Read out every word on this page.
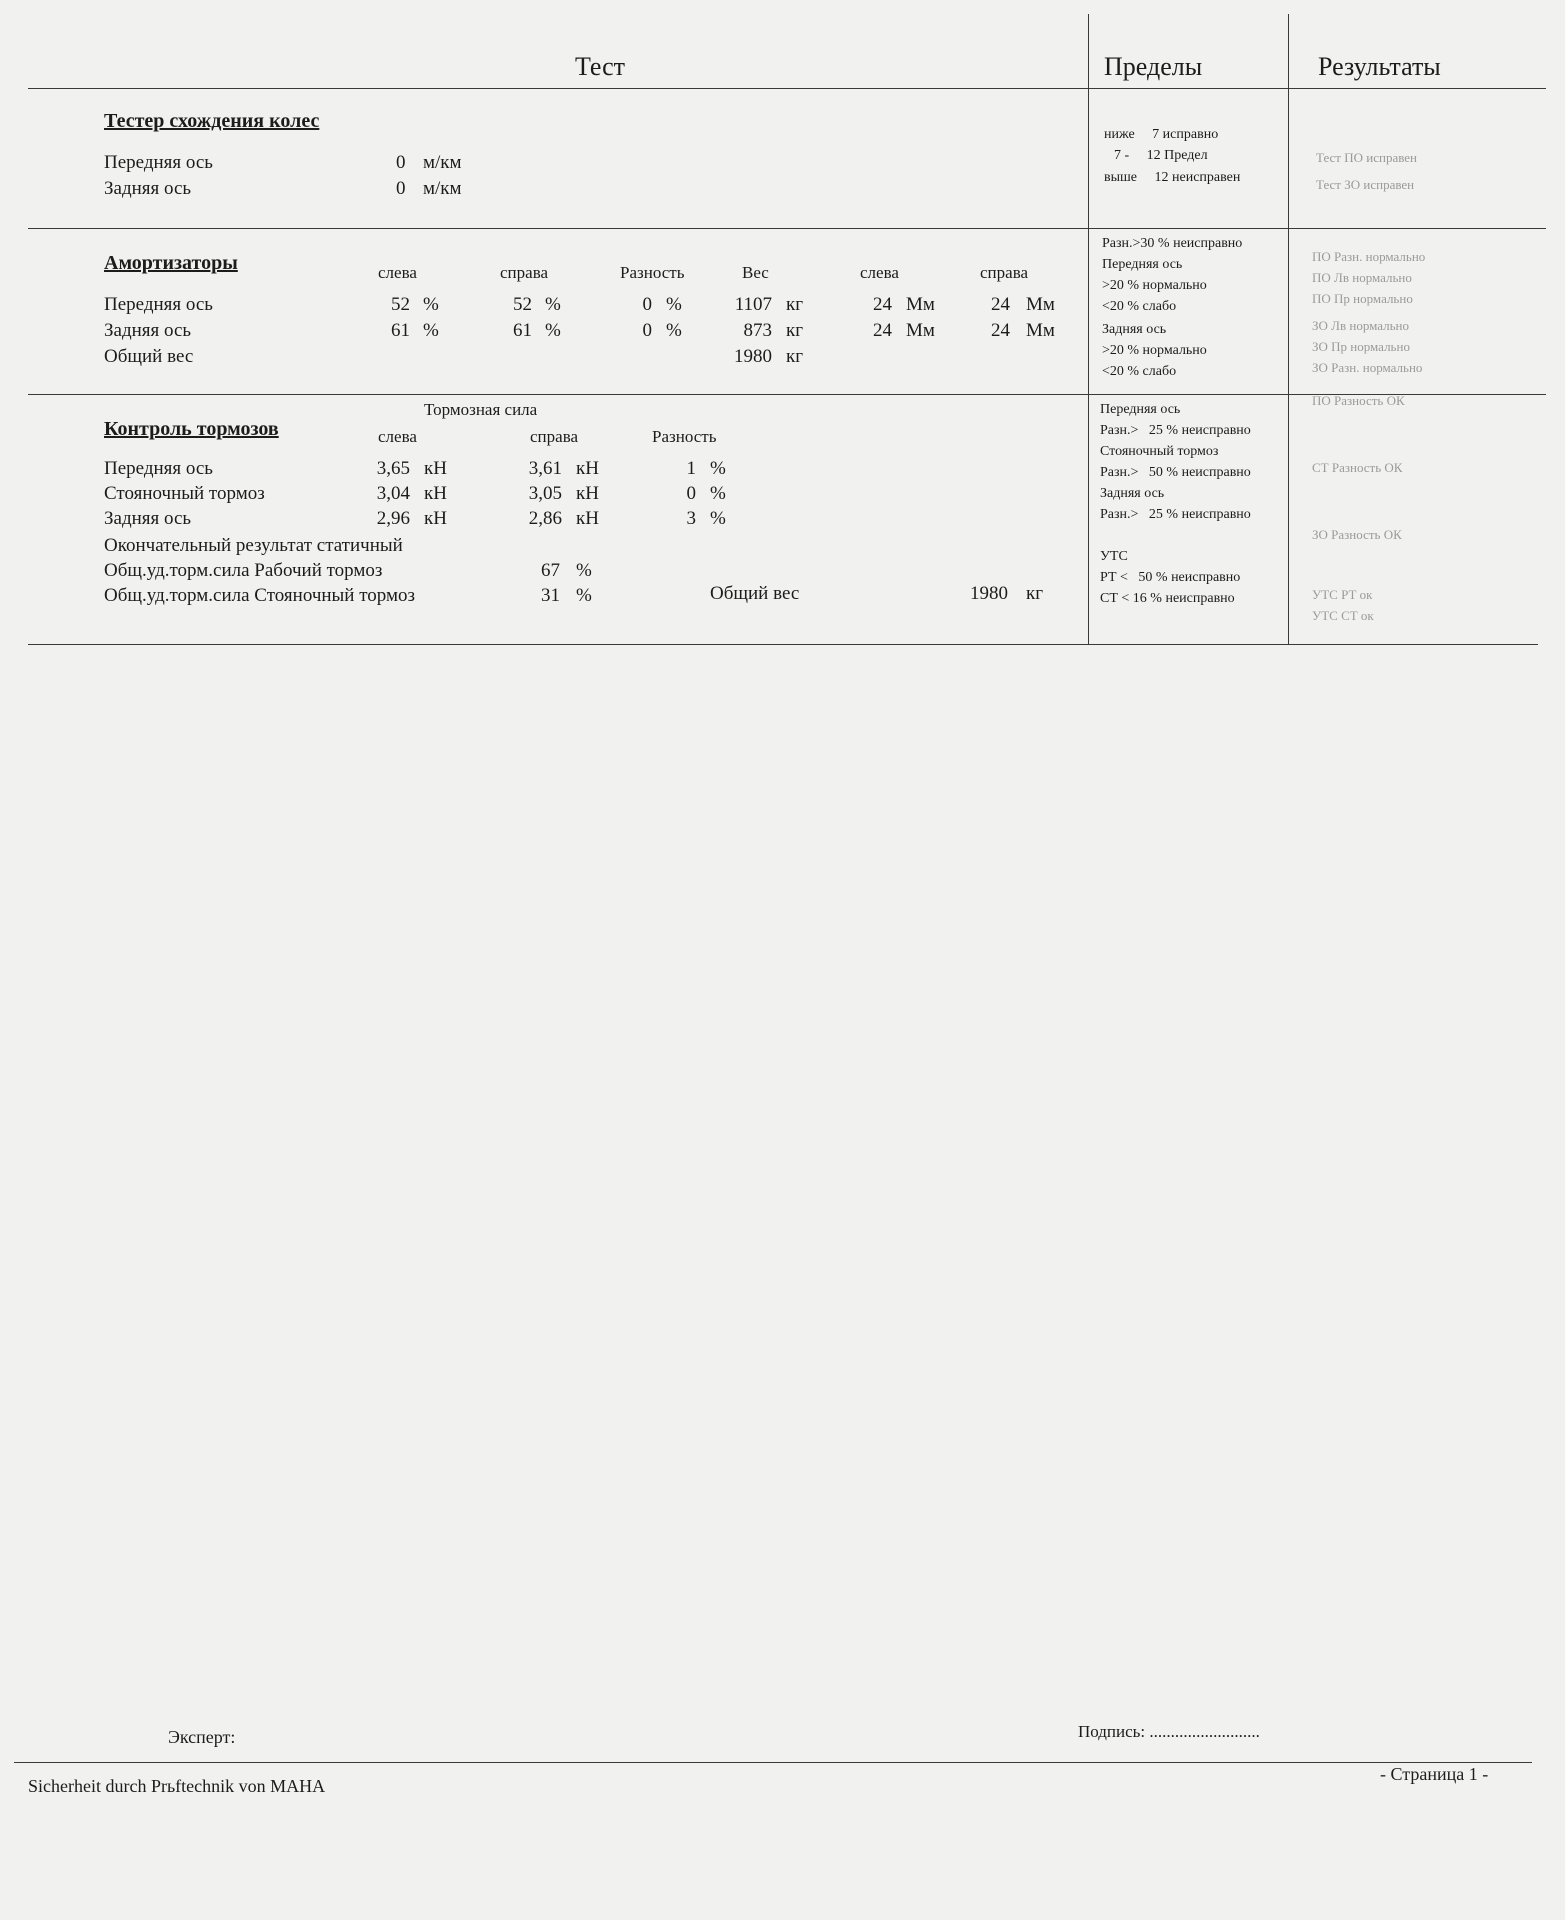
Тест	Пределы	Результаты
Тестер схождения колес
Передняя ось	0 м/км
Задняя ось	0 м/км
ниже     7 исправно
7 -     12 Предел
выше     12 неисправен
Тест ПО исправен
Тест ЗО исправен
Амортизаторы	слева	справа	Разность	Вес	слева	справа
Передняя ось	52 %	52 %	0 %	1107 кг	24 Мм	24 Мм
Задняя ось	61 %	61 %	0 %	873 кг	24 Мм	24 Мм
Общий вес	1980 кг
Разн.>30 % неисправно
Передняя ось
>20 % нормально
<20 % слабо
Задняя ось
>20 % нормально
<20 % слабо
ПО Разн. нормально
ПО Лв нормально
ПО Пр нормально
ЗО Лв нормально
ЗО Пр нормально
ЗО Разн. нормально
Тормозная сила
Контроль тормозов	слева	справа	Разность
Передняя ось	3,65 кН	3,61 кН	1 %
Стояночный тормоз	3,04 кН	3,05 кН	0 %
Задняя ось	2,96 кН	2,86 кН	3 %
Окончательный результат статичный
Общ.уд.торм.сила Рабочий тормоз	67 %
Общ.уд.торм.сила Стояночный тормоз	31 %	Общий вес	1980 кг
Передняя ось
Разн.>   25 % неисправно
Стояночный тормоз
Разн.>   50 % неисправно
Задняя ось
Разн.>   25 % неисправно
УТС
РТ <   50 % неисправно
СТ < 16 % неисправно
ПО Разность ОК
СТ Разность ОК
ЗО Разность ОК
УТС РТ ок
УТС СТ ок
Эксперт:	Подпись: ..........................
Sicherheit durch Prьftechnik von MAHA
- Страница 1 -
